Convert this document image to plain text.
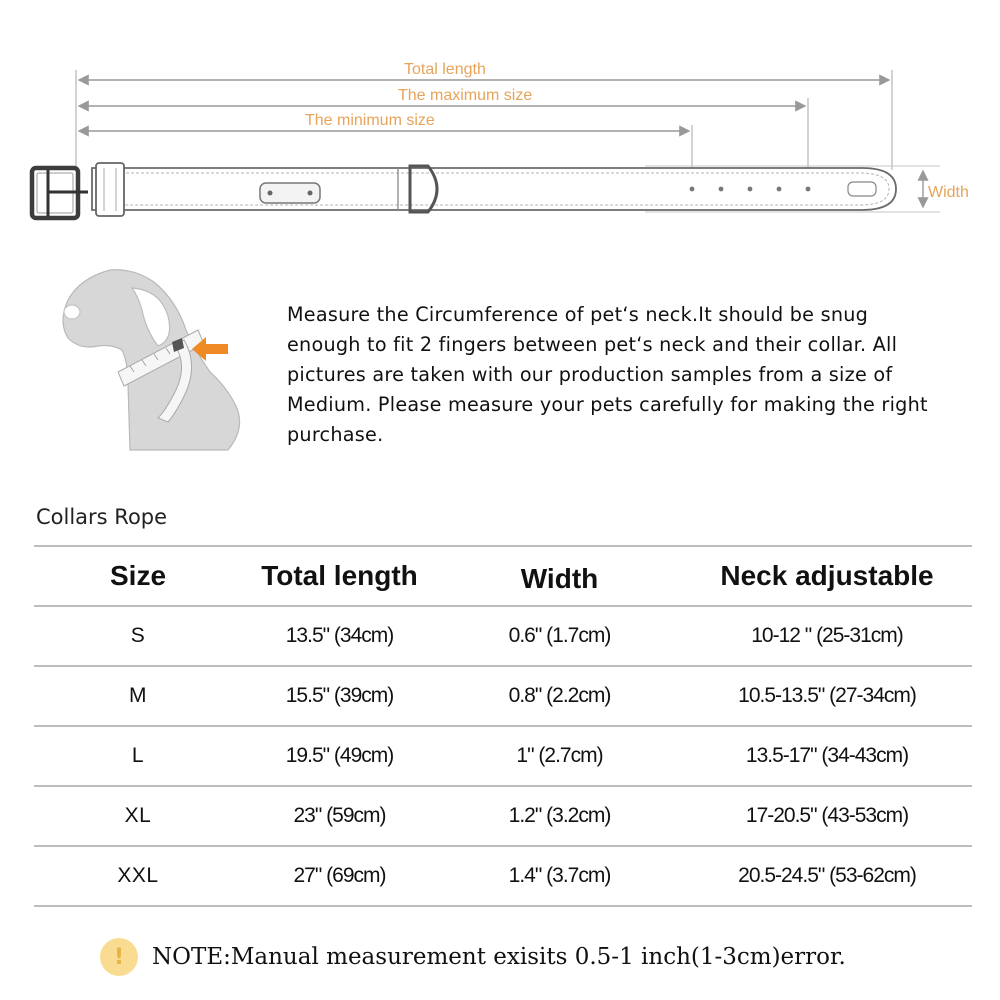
Total length
The maximum size
The minimum size
Width
Measure the Circumference of pet‘s neck.It should be snug enough to fit 2 fingers between pet‘s neck and their collar. All pictures are taken with our production samples from a size of Medium. Please measure your pets carefully for making the right purchase.
Collars Rope
Size	Total length	Width	Neck adjustable
S	13.5" (34cm)	0.6" (1.7cm)	10-12 " (25-31cm)
M	15.5" (39cm)	0.8" (2.2cm)	10.5-13.5" (27-34cm)
L	19.5" (49cm)	1" (2.7cm)	13.5-17" (34-43cm)
XL	23" (59cm)	1.2" (3.2cm)	17-20.5" (43-53cm)
XXL	27" (69cm)	1.4" (3.7cm)	20.5-24.5" (53-62cm)
!	NOTE:Manual measurement exisits 0.5-1 inch(1-3cm)error.
